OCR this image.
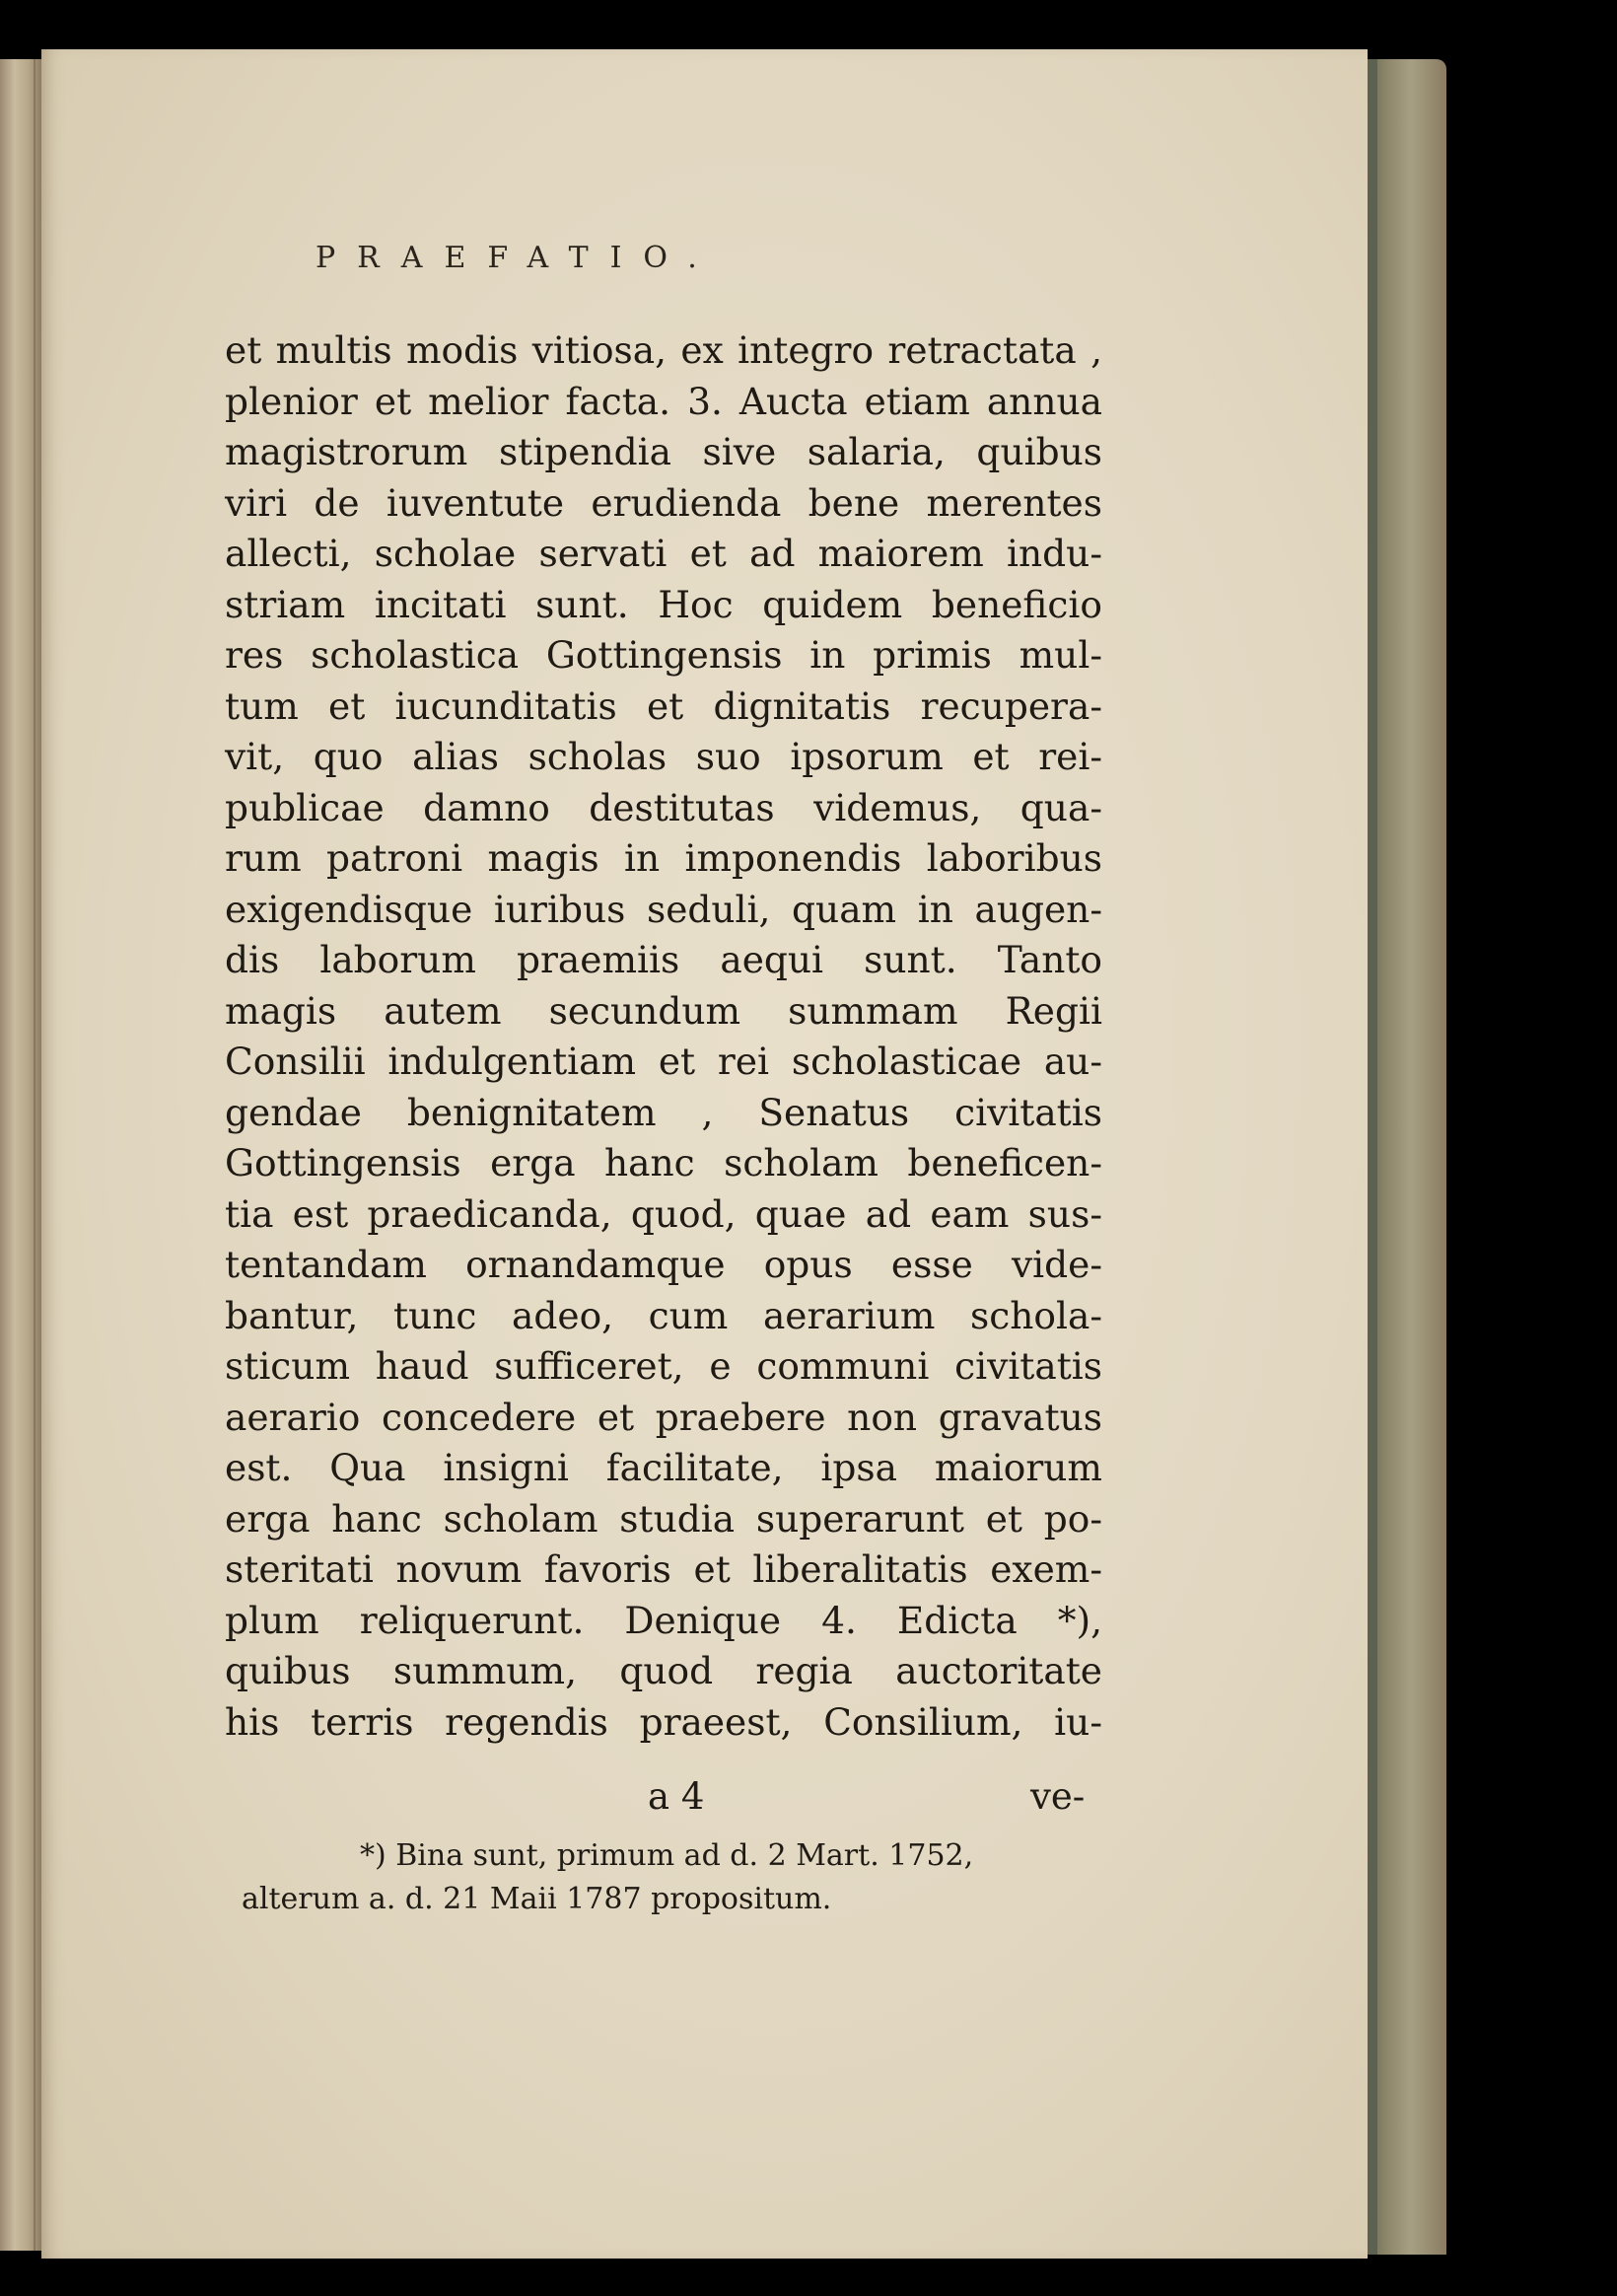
PRAEFATIO.
et multis modis vitiosa, ex integro retractata ,
plenior et melior facta. 3. Aucta etiam annua
magistrorum stipendia sive salaria, quibus
viri de iuventute erudienda bene merentes
allecti, scholae servati et ad maiorem indu-
striam incitati sunt. Hoc quidem beneficio
res scholastica Gottingensis in primis mul-
tum et iucunditatis et dignitatis recupera-
vit, quo alias scholas suo ipsorum et rei-
publicae damno destitutas videmus, qua-
rum patroni magis in imponendis laboribus
exigendisque iuribus seduli, quam in augen-
dis laborum praemiis aequi sunt. Tanto
magis autem secundum summam Regii
Consilii indulgentiam et rei scholasticae au-
gendae benignitatem , Senatus civitatis
Gottingensis erga hanc scholam beneficen-
tia est praedicanda, quod, quae ad eam sus-
tentandam ornandamque opus esse vide-
bantur, tunc adeo, cum aerarium schola-
sticum haud sufficeret, e communi civitatis
aerario concedere et praebere non gravatus
est. Qua insigni facilitate, ipsa maiorum
erga hanc scholam studia superarunt et po-
steritati novum favoris et liberalitatis exem-
plum reliquerunt. Denique 4. Edicta *),
quibus summum, quod regia auctoritate
his terris regendis praeest, Consilium, iu-
a 4	ve-
*) Bina sunt, primum ad d. 2 Mart. 1752,
alterum a. d. 21 Maii 1787 propositum.
